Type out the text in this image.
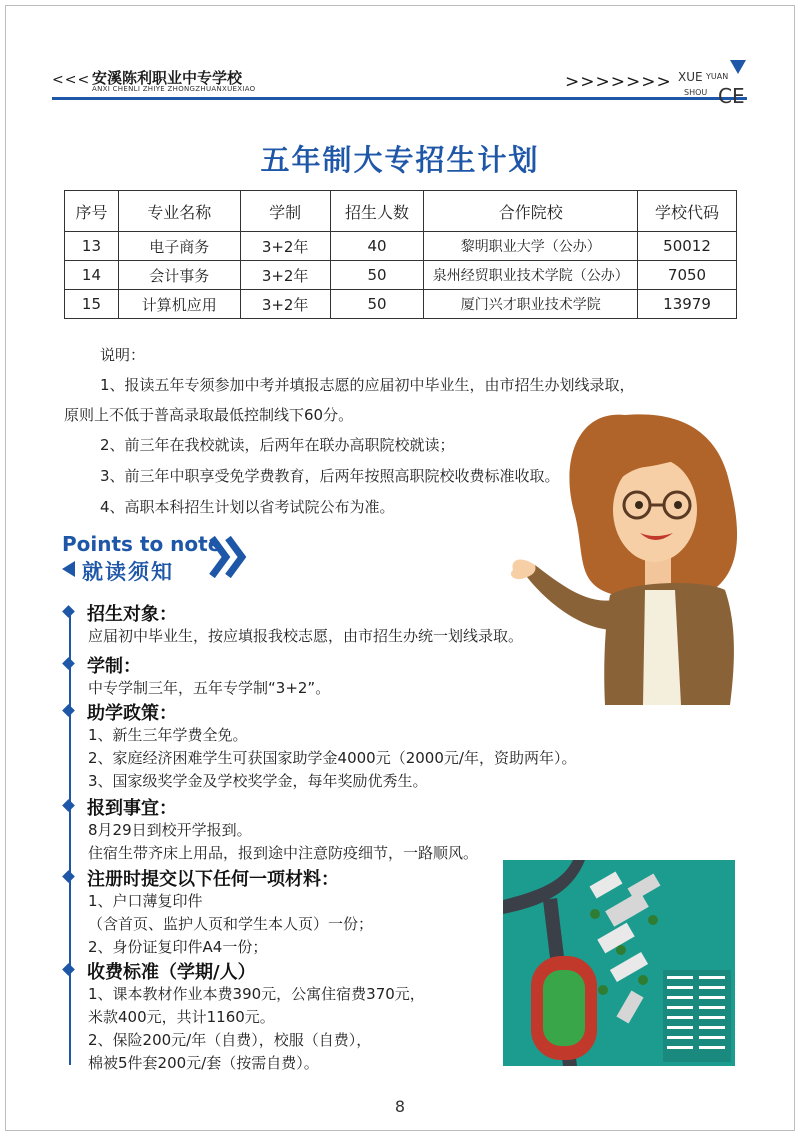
<<< 安溪陈利职业中专学校
ANXI CHENLI ZHIYE ZHONGZHUANXUEXIAO	>>>>>>> XUE YUAN
SHOU CE
五年制大专招生计划
序号	专业名称	学制	招生人数	合作院校	学校代码
13	电子商务	3+2年	40	黎明职业大学（公办）	50012
14	会计事务	3+2年	50	泉州经贸职业技术学院（公办）	7050
15	计算机应用	3+2年	50	厦门兴才职业技术学院	13979
说明：
1、报读五年专须参加中考并填报志愿的应届初中毕业生，由市招生办划线录取，
原则上不低于普高录取最低控制线下60分。
2、前三年在我校就读，后两年在联办高职院校就读；
3、前三年中职享受免学费教育，后两年按照高职院校收费标准收取。
4、高职本科招生计划以省考试院公布为准。
Points to note
就读须知
招生对象：
应届初中毕业生，按应填报我校志愿，由市招生办统一划线录取。
学制：
中专学制三年，五年专学制“3+2”。
助学政策：
1、新生三年学费全免。
2、家庭经济困难学生可获国家助学金4000元（2000元/年，资助两年）。
3、国家级奖学金及学校奖学金，每年奖励优秀生。
报到事宜：
8月29日到校开学报到。
住宿生带齐床上用品，报到途中注意防疫细节，一路顺风。
注册时提交以下任何一项材料：
1、户口薄复印件
（含首页、监护人页和学生本人页）一份；
2、身份证复印件A4一份；
收费标准（学期/人）
1、课本教材作业本费390元，公寓住宿费370元，
米款400元，共计1160元。
2、保险200元/年（自费），校服（自费），
棉被5件套200元/套（按需自费）。
8
